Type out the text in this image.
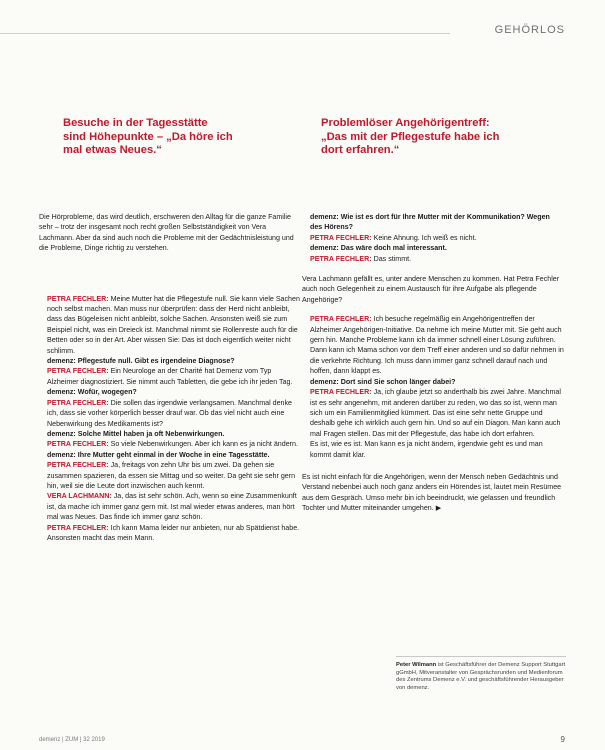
GEHÖRLOS
Besuche in der Tagesstätte
sind Höhepunkte – „Da höre ich
mal etwas Neues.“
Problemlöser Angehörigentreff:
„Das mit der Pflegestufe habe ich
dort erfahren.“

Die Hörprobleme, das wird deutlich, erschweren den Alltag für die ganze Familie sehr – trotz der insgesamt noch recht großen Selbstständigkeit von Vera Lachmann. Aber da sind auch noch die Probleme mit der Gedächtnisleistung und die Probleme, Dinge richtig zu verstehen.

PETRA FECHLER: Meine Mutter hat die Pflegestufe null. Sie kann viele Sachen noch selbst machen. Man muss nur überprüfen: dass der Herd nicht anbleibt, dass das Bügeleisen nicht anbleibt, solche Sachen. Ansonsten weiß sie zum Beispiel nicht, was ein Dreieck ist. Manchmal nimmt sie Rollenreste auch für die Betten oder so in der Art. Aber wissen Sie: Das ist doch eigentlich weiter nicht schlimm.

demenz: Pflegestufe null. Gibt es irgendeine Diagnose?

PETRA FECHLER: Ein Neurologe an der Charité hat Demenz vom Typ Alzheimer diagnostiziert. Sie nimmt auch Tabletten, die gebe ich ihr jeden Tag.

demenz: Wofür, wogegen?

PETRA FECHLER: Die sollen das irgendwie verlangsamen. Manchmal denke ich, dass sie vorher körperlich besser drauf war. Ob das viel nicht auch eine Nebenwirkung des Medikaments ist?

demenz: Solche Mittel haben ja oft Nebenwirkungen.

PETRA FECHLER: So viele Nebenwirkungen. Aber ich kann es ja nicht ändern.

demenz: Ihre Mutter geht einmal in der Woche in eine Tagesstätte.

PETRA FECHLER: Ja, freitags von zehn Uhr bis um zwei. Da gehen sie zusammen spazieren, da essen sie Mittag und so weiter. Da geht sie sehr gern hin, weil sie die Leute dort inzwischen auch kennt.

VERA LACHMANN: Ja, das ist sehr schön. Ach, wenn so eine Zusammenkunft ist, da mache ich immer ganz gern mit. Ist mal wieder etwas anderes, man hört mal was Neues. Das finde ich immer ganz schön.

PETRA FECHLER: Ich kann Mama leider nur anbieten, nur ab Spätdienst habe. Ansonsten macht das mein Mann.

demenz: Wie ist es dort für Ihre Mutter mit der Kommunikation? Wegen des Hörens?

PETRA FECHLER: Keine Ahnung. Ich weiß es nicht.

demenz: Das wäre doch mal interessant.

PETRA FECHLER: Das stimmt.

Vera Lachmann gefällt es, unter andere Menschen zu kommen. Hat Petra Fechler auch noch Gelegenheit zu einem Austausch für ihre Aufgabe als pflegende Angehörige?

PETRA FECHLER: Ich besuche regelmäßig ein Angehörigentreffen der Alzheimer Angehörigen-Initiative. Da nehme ich meine Mutter mit. Sie geht auch gern hin. Manche Probleme kann ich da immer schnell einer Lösung zuführen. Dann kann ich Mama schon vor dem Treff einer anderen und so dafür nehmen in die verkehrte Richtung. Ich muss dann immer ganz schnell darauf nach und hoffen, dann klappt es.

demenz: Dort sind Sie schon länger dabei?

PETRA FECHLER: Ja, ich glaube jetzt so anderthalb bis zwei Jahre. Manchmal ist es sehr angenehm, mit anderen darüber zu reden, wo das so ist, wenn man sich um ein Familienmitglied kümmert. Das ist eine sehr nette Gruppe und deshalb gehe ich wirklich auch gern hin. Und so auf ein Diagon. Man kann auch mal Fragen stellen. Das mit der Pflegestufe, das habe ich dort erfahren.

Es ist, wie es ist. Man kann es ja nicht ändern, irgendwie geht es und man kommt damit klar.

Es ist nicht einfach für die Angehörigen, wenn der Mensch neben Gedächtnis und Verstand nebenbei auch noch ganz anders ein Hörendes ist, lautet mein Resümee aus dem Gespräch. Umso mehr bin ich beeindruckt, wie gelassen und freundlich Tochter und Mutter miteinander umgehen. ▶

Peter Wilmann ist Geschäftsführer der Demenz Support Stuttgart gGmbH, Mitveranstalter von Gesprächsrunden und Medienforum des Zentrums Demenz e.V. und geschäftsführender Herausgeber von demenz.
demenz | ZUM | 32 2019	9
